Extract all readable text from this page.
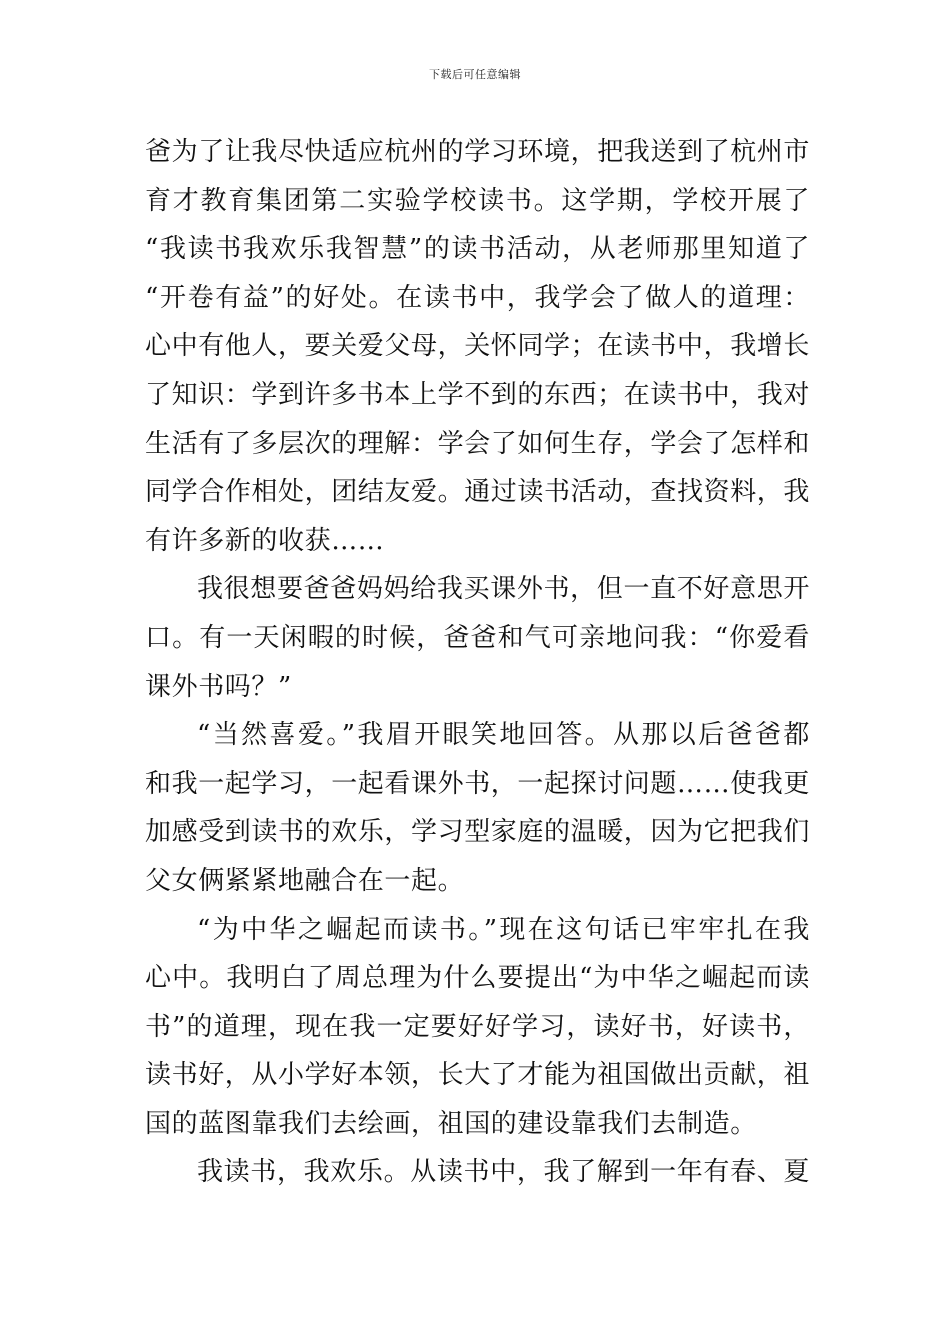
下载后可任意编辑
爸为了让我尽快适应杭州的学习环境，把我送到了杭州市
育才教育集团第二实验学校读书。这学期，学校开展了
“我读书我欢乐我智慧”的读书活动，从老师那里知道了
“开卷有益”的好处。在读书中，我学会了做人的道理：
心中有他人，要关爱父母，关怀同学；在读书中，我增长
了知识：学到许多书本上学不到的东西；在读书中，我对
生活有了多层次的理解：学会了如何生存，学会了怎样和
同学合作相处，团结友爱。通过读书活动，查找资料，我
有许多新的收获……
我很想要爸爸妈妈给我买课外书，但一直不好意思开
口。有一天闲暇的时候，爸爸和气可亲地问我：“你爱看
课外书吗？”
“当然喜爱。”我眉开眼笑地回答。从那以后爸爸都
和我一起学习，一起看课外书，一起探讨问题……使我更
加感受到读书的欢乐，学习型家庭的温暖，因为它把我们
父女俩紧紧地融合在一起。
“为中华之崛起而读书。”现在这句话已牢牢扎在我
心中。我明白了周总理为什么要提出“为中华之崛起而读
书”的道理，现在我一定要好好学习，读好书，好读书，
读书好，从小学好本领，长大了才能为祖国做出贡献，祖
国的蓝图靠我们去绘画，祖国的建设靠我们去制造。
我读书，我欢乐。从读书中，我了解到一年有春、夏
